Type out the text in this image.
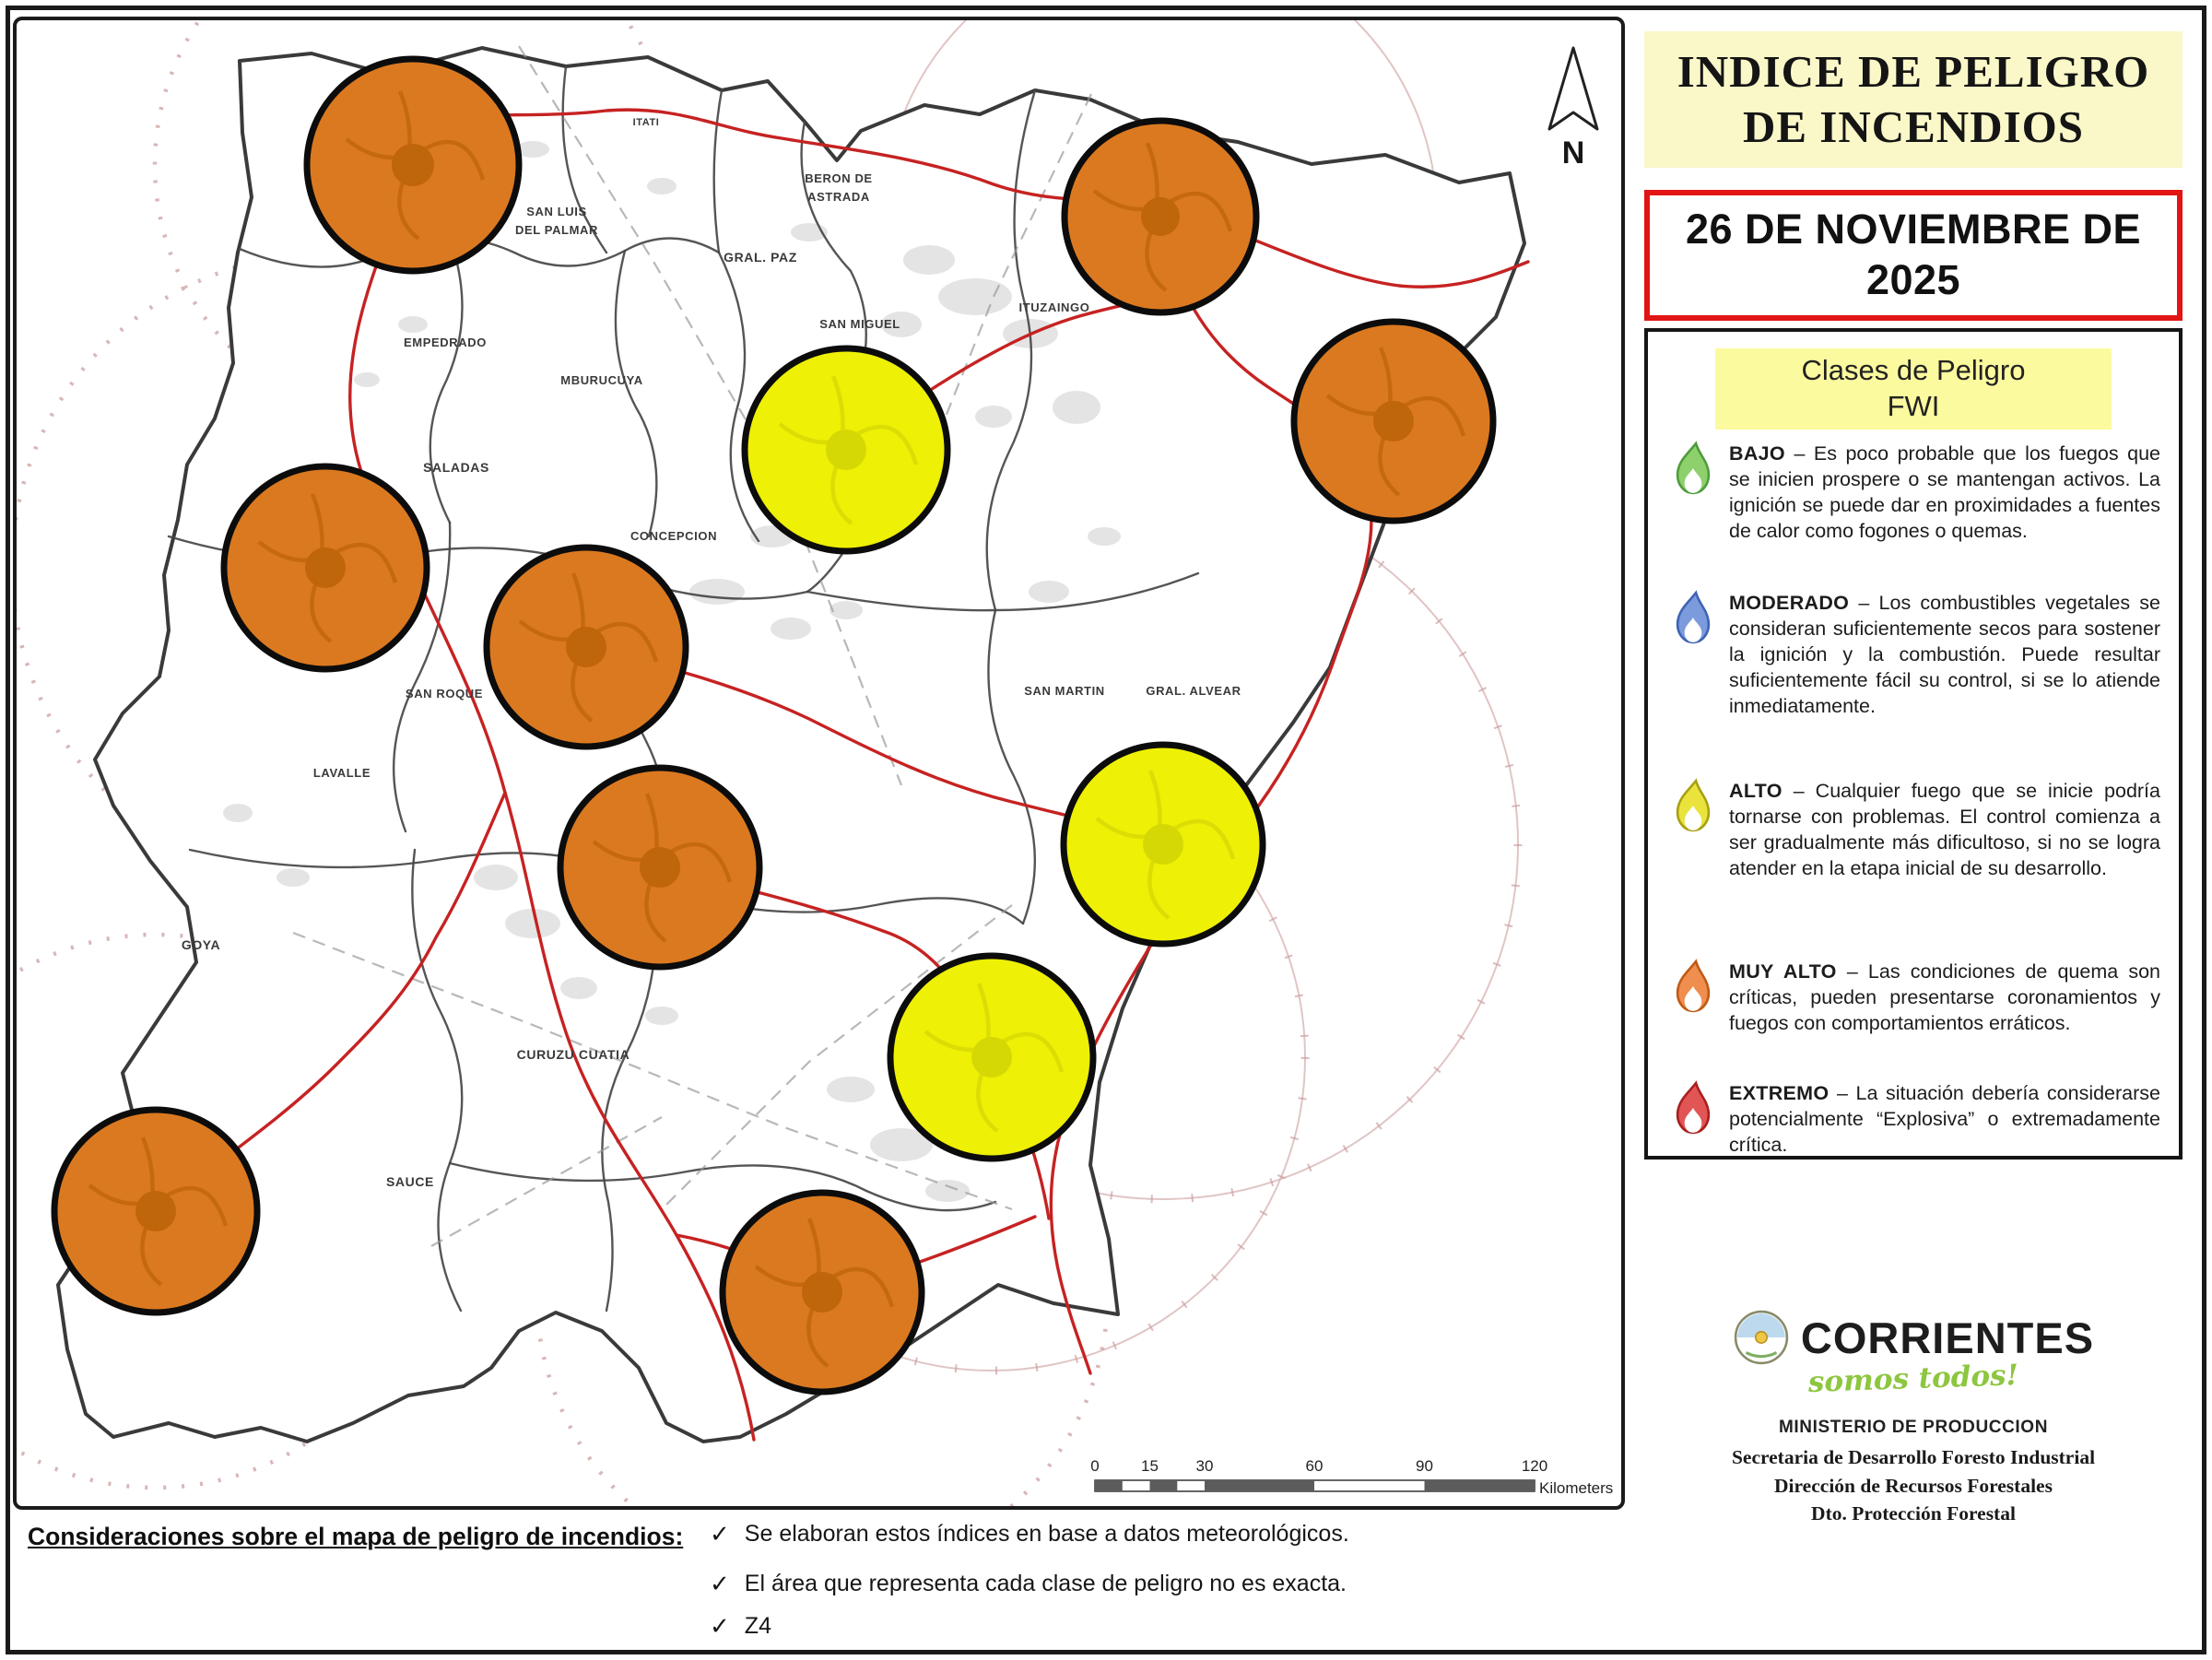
ITATI
BERON DE
ASTRADA
SAN LUIS
DEL PALMAR
GRAL. PAZ
ITUZAINGO
SAN MIGUEL
EMPEDRADO
MBURUCUYA
SALADAS
CONCEPCION
SAN MARTIN	GRAL. ALVEAR
SAN ROQUE
LAVALLE
GOYA
CURUZU CUATIA
SAUCE
N
0	15 30	60	90	120
Kilometers
INDICE DE PELIGRO
DE INCENDIOS
26 DE NOVIEMBRE DE
2025
Clases de Peligro
FWI
BAJO – Es poco probable que los fuegos que se inicien prospere o se mantengan activos. La ignición se puede dar en proximidades a fuentes de calor como fogones o quemas.
MODERADO – Los combustibles vegetales se consideran suficientemente secos para sostener la ignición y la combustión. Puede resultar suficientemente fácil su control, si se lo atiende inmediatamente.
ALTO – Cualquier fuego que se inicie podría tornarse con problemas. El control comienza a ser gradualmente más dificultoso, si no se logra atender en la etapa inicial de su desarrollo.
MUY ALTO – Las condiciones de quema son críticas, pueden presentarse coronamientos y fuegos con comportamientos erráticos.
EXTREMO – La situación debería considerarse potencialmente “Explosiva” o extremadamente crítica.
CORRIENTES
somos todos!
MINISTERIO DE PRODUCCION
Secretaria de Desarrollo Foresto Industrial
Dirección de Recursos Forestales
Dto. Protección Forestal
Consideraciones sobre el mapa de peligro de incendios: ✓ Se elaboran estos índices en base a datos meteorológicos.
✓ El área que representa cada clase de peligro no es exacta.
✓ Z4
